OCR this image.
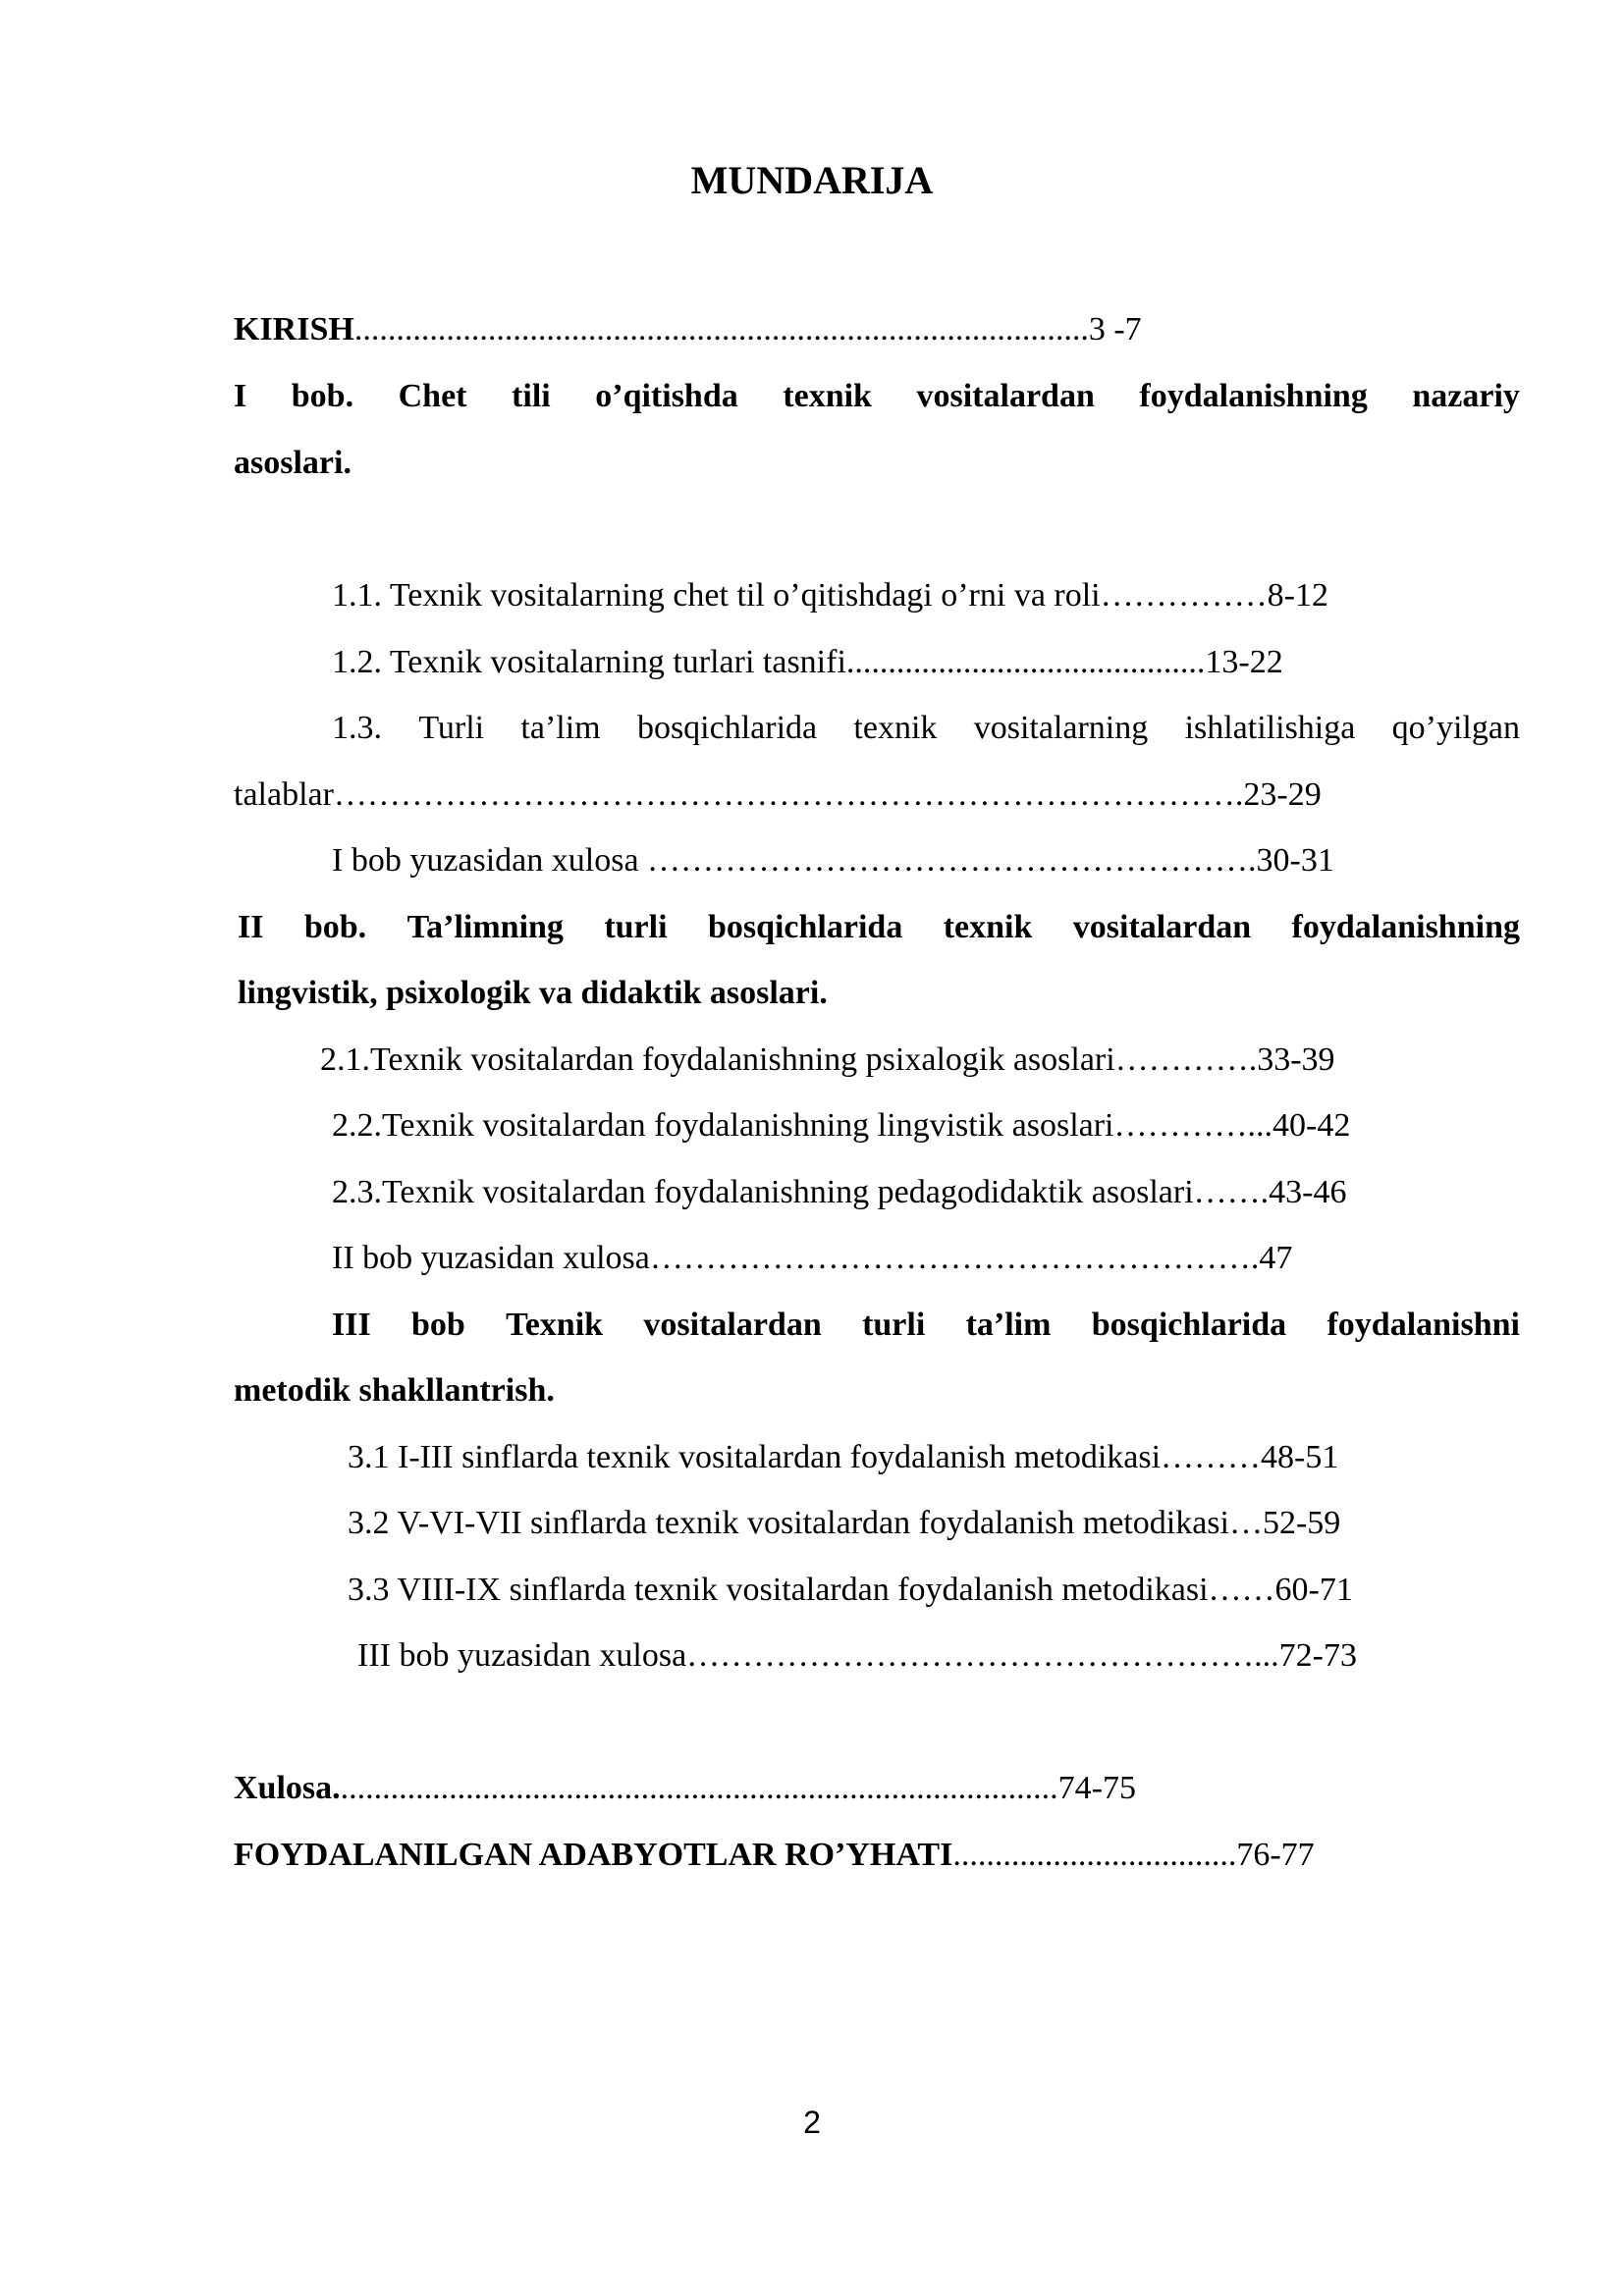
MUNDARIJA
KIRISH........................................................................................3 -7
I bob. Chet tili o’qitishda texnik vositalardan foydalanishning nazariy
asoslari.
1.1. Texnik vositalarning chet til o’qitishdagi o’rni va roli……………8-12
1.2. Texnik vositalarning turlari tasnifi...........................................13-22
1.3. Turli ta’lim bosqichlarida texnik vositalarning ishlatilishiga qo’yilgan
talablar……………………………………………………………………….23-29
I bob yuzasidan xulosa ……………………………………………….30-31
II bob. Ta’limning turli bosqichlarida texnik vositalardan foydalanishning
lingvistik, psixologik va didaktik asoslari.
2.1.Texnik vositalardan foydalanishning psixalogik asoslari………….33-39
2.2.Texnik vositalardan foydalanishning lingvistik asoslari…………...40-42
2.3.Texnik vositalardan foydalanishning pedagodidaktik asoslari…….43-46
II bob yuzasidan xulosa……………………………………………….47
III bob Texnik vositalardan turli ta’lim bosqichlarida foydalanishni
metodik shakllantrish.
3.1 I-III sinflarda texnik vositalardan foydalanish metodikasi………48-51
3.2 V-VI-VII sinflarda texnik vositalardan foydalanish metodikasi…52-59
3.3 VIII-IX sinflarda texnik vositalardan foydalanish metodikasi……60-71
III bob yuzasidan xulosa……………………………………………...72-73
Xulosa.......................................................................................74-75
FOYDALANILGAN ADABYOTLAR RO’YHATI..................................76-77
2
